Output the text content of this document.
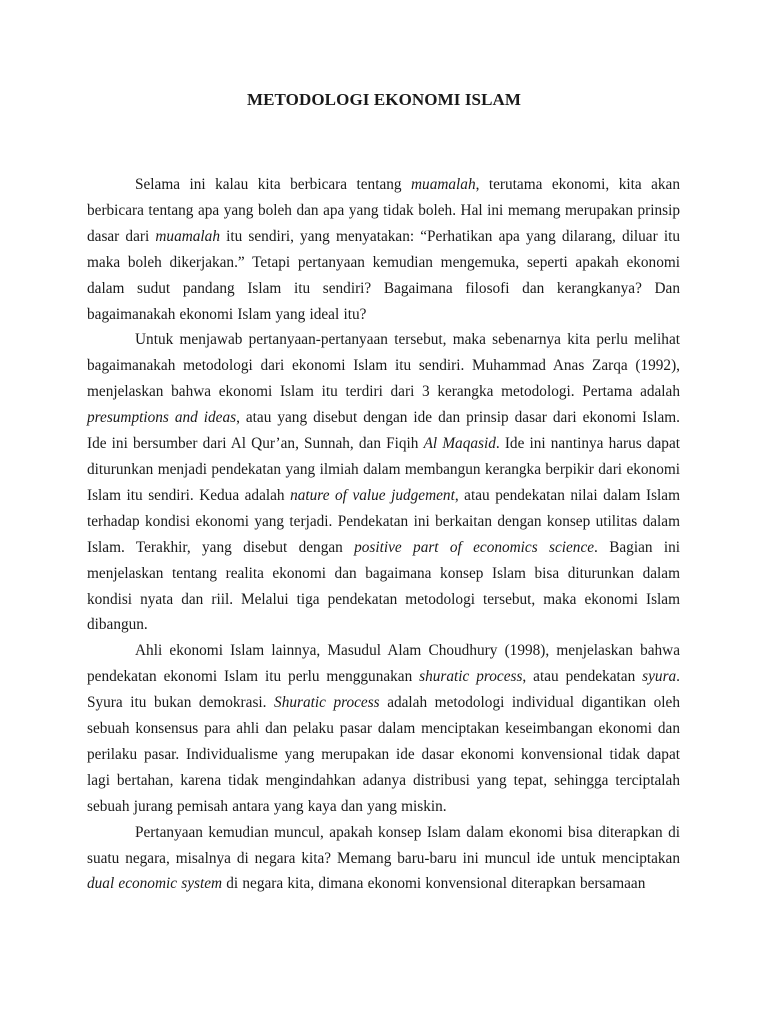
METODOLOGI EKONOMI ISLAM

Selama ini kalau kita berbicara tentang muamalah, terutama ekonomi, kita akan berbicara tentang apa yang boleh dan apa yang tidak boleh. Hal ini memang merupakan prinsip dasar dari muamalah itu sendiri, yang menyatakan: “Perhatikan apa yang dilarang, diluar itu maka boleh dikerjakan.” Tetapi pertanyaan kemudian mengemuka, seperti apakah ekonomi dalam sudut pandang Islam itu sendiri? Bagaimana filosofi dan kerangkanya? Dan bagaimanakah ekonomi Islam yang ideal itu?

Untuk menjawab pertanyaan-pertanyaan tersebut, maka sebenarnya kita perlu melihat bagaimanakah metodologi dari ekonomi Islam itu sendiri. Muhammad Anas Zarqa (1992), menjelaskan bahwa ekonomi Islam itu terdiri dari 3 kerangka metodologi. Pertama adalah presumptions and ideas, atau yang disebut dengan ide dan prinsip dasar dari ekonomi Islam. Ide ini bersumber dari Al Qur’an, Sunnah, dan Fiqih Al Maqasid. Ide ini nantinya harus dapat diturunkan menjadi pendekatan yang ilmiah dalam membangun kerangka berpikir dari ekonomi Islam itu sendiri. Kedua adalah nature of value judgement, atau pendekatan nilai dalam Islam terhadap kondisi ekonomi yang terjadi. Pendekatan ini berkaitan dengan konsep utilitas dalam Islam. Terakhir, yang disebut dengan positive part of economics science. Bagian ini menjelaskan tentang realita ekonomi dan bagaimana konsep Islam bisa diturunkan dalam kondisi nyata dan riil. Melalui tiga pendekatan metodologi tersebut, maka ekonomi Islam dibangun.

Ahli ekonomi Islam lainnya, Masudul Alam Choudhury (1998), menjelaskan bahwa pendekatan ekonomi Islam itu perlu menggunakan shuratic process, atau pendekatan syura. Syura itu bukan demokrasi. Shuratic process adalah metodologi individual digantikan oleh sebuah konsensus para ahli dan pelaku pasar dalam menciptakan keseimbangan ekonomi dan perilaku pasar. Individualisme yang merupakan ide dasar ekonomi konvensional tidak dapat lagi bertahan, karena tidak mengindahkan adanya distribusi yang tepat, sehingga terciptalah sebuah jurang pemisah antara yang kaya dan yang miskin.

Pertanyaan kemudian muncul, apakah konsep Islam dalam ekonomi bisa diterapkan di suatu negara, misalnya di negara kita? Memang baru-baru ini muncul ide untuk menciptakan dual economic system di negara kita, dimana ekonomi konvensional diterapkan bersamaan
